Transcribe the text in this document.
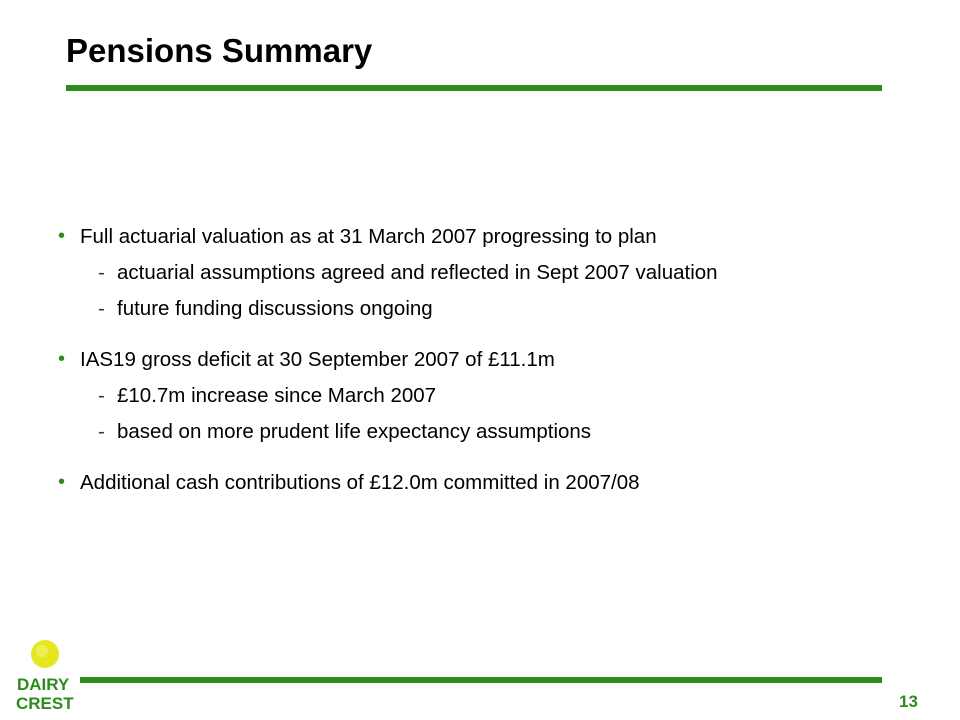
Pensions Summary
• Full actuarial valuation as at 31 March 2007 progressing to plan
- actuarial assumptions agreed and reflected in Sept 2007 valuation
- future funding discussions ongoing
• IAS19 gross deficit at 30 September 2007 of £11.1m
- £10.7m increase since March 2007
- based on more prudent life expectancy assumptions
• Additional cash contributions of £12.0m committed in 2007/08
DAIRY
CREST	13
